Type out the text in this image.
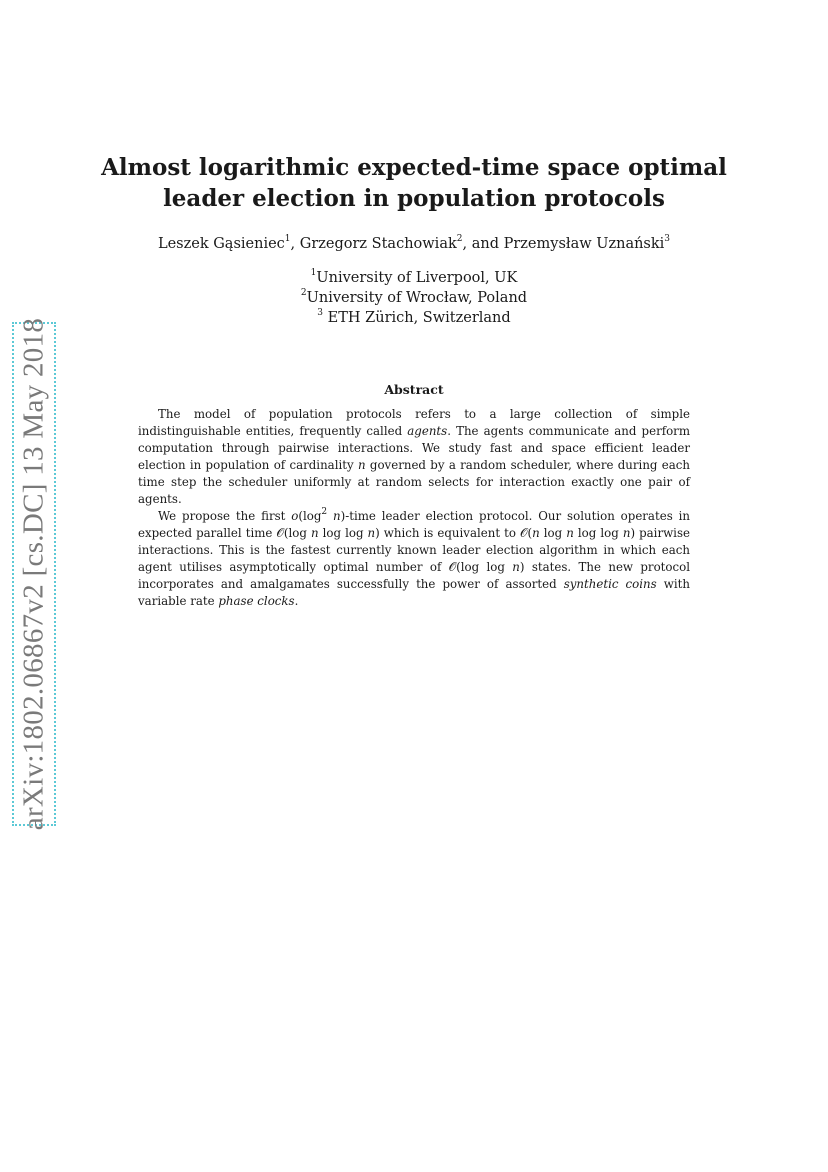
arXiv:1802.06867v2 [cs.DC] 13 May 2018
Almost logarithmic expected-time space optimal
leader election in population protocols
Leszek Gąsieniec$^1$, Grzegorz Stachowiak$^2$, and Przemysław Uznański$^3$
$^1$University of Liverpool, UK
$^2$University of Wrocław, Poland
$^3$ ETH Zürich, Switzerland
Abstract

The model of population protocols refers to a large collection of simple indistinguishable entities, frequently called agents. The agents communicate and perform computation through pairwise interactions. We study fast and space efficient leader election in population of cardinality n governed by a random scheduler, where during each time step the scheduler uniformly at random selects for interaction exactly one pair of agents.

We propose the first $o(\log^2$ n)-time leader election protocol. Our solution operates in expected parallel time 𝒪(log n log log n) which is equivalent to 𝒪(n log n log log n) pairwise interactions. This is the fastest currently known leader election algorithm in which each agent utilises asymptotically optimal number of 𝒪(log log n) states. The new protocol incorporates and amalgamates successfully the power of assorted synthetic coins with variable rate phase clocks.
